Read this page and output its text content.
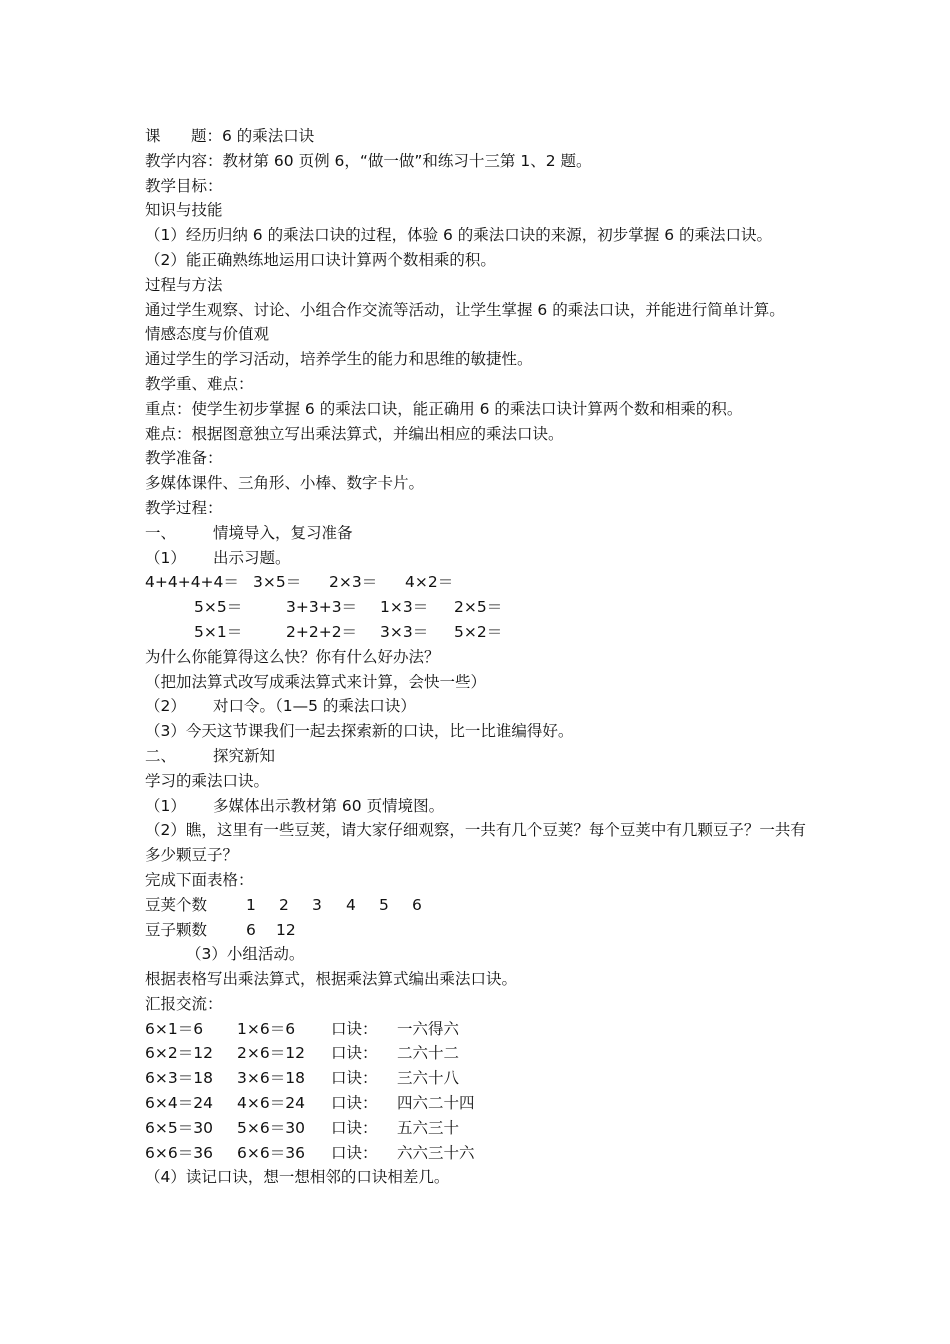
课 题： 6 的乘法口诀
教学内容：教材第 60 页例 6，“做一做”和练习十三第 1、2 题。
教学目标：
知识与技能
（1）经历归纳 6 的乘法口诀的过程，体验 6 的乘法口诀的来源，初步掌握 6 的乘法口诀。
（2）能正确熟练地运用口诀计算两个数相乘的积。
过程与方法
通过学生观察、讨论、小组合作交流等活动，让学生掌握 6 的乘法口诀，并能进行简单计算。
情感态度与价值观
通过学生的学习活动，培养学生的能力和思维的敏捷性。
教学重、难点：
重点：使学生初步掌握 6 的乘法口诀，能正确用 6 的乘法口诀计算两个数和相乘的积。
难点：根据图意独立写出乘法算式，并编出相应的乘法口诀。
教学准备：
多媒体课件、三角形、小棒、数字卡片。
教学过程：
一、 情境导入，复习准备
（1） 出示习题。
4+4+4+4＝ 3×5＝ 2×3＝ 4×2＝
5×5＝	3+3+3＝ 1×3＝ 2×5＝
5×1＝	2+2+2＝ 3×3＝ 5×2＝
为什么你能算得这么快？你有什么好办法？
（把加法算式改写成乘法算式来计算，会快一些）
（2） 对口令。（1—5 的乘法口诀）
（3）今天这节课我们一起去探索新的口诀，比一比谁编得好。
二、 探究新知
学习的乘法口诀。
（1） 多媒体出示教材第 60 页情境图。
（2）瞧，这里有一些豆荚，请大家仔细观察，一共有几个豆荚？每个豆荚中有几颗豆子？一共有多少颗豆子？
完成下面表格：
豆荚个数	1 2 3 4 5 6
豆子颗数	6 12
（3）小组活动。
根据表格写出乘法算式，根据乘法算式编出乘法口诀。
汇报交流：
6×1＝6 1×6＝6 口诀： 一六得六
6×2＝12 2×6＝12 口诀： 二六十二
6×3＝18 3×6＝18 口诀： 三六十八
6×4＝24 4×6＝24 口诀： 四六二十四
6×5＝30 5×6＝30 口诀： 五六三十
6×6＝36 6×6＝36 口诀： 六六三十六
（4）读记口诀，想一想相邻的口诀相差几。
